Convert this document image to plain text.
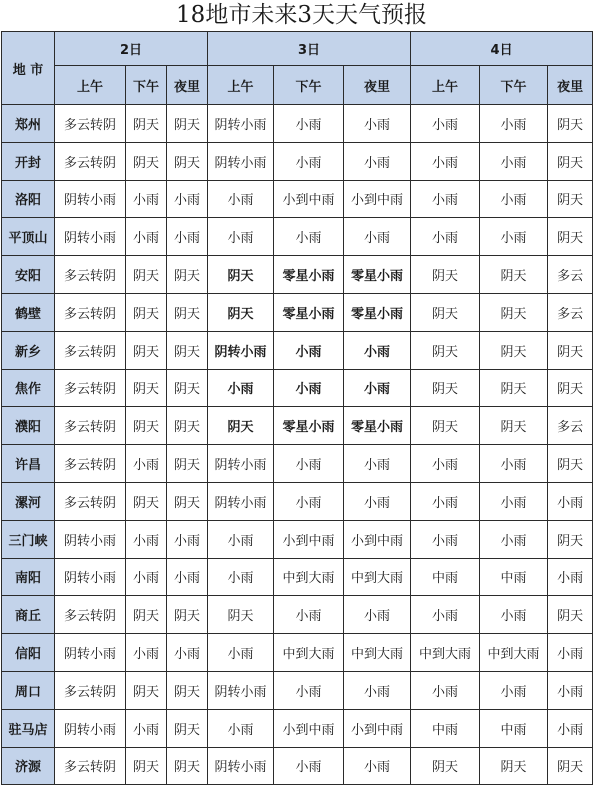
18地市未来3天天气预报
地 市	2日			3日			4日		
	上午	下午	夜里	上午	下午	夜里	上午	下午	夜里
郑州	多云转阴	阴天	阴天	阴转小雨	小雨	小雨	小雨	小雨	阴天
开封	多云转阴	阴天	阴天	阴转小雨	小雨	小雨	小雨	小雨	阴天
洛阳	阴转小雨	小雨	小雨	小雨	小到中雨	小到中雨	小雨	小雨	阴天
平顶山	阴转小雨	小雨	小雨	小雨	小雨	小雨	小雨	小雨	阴天
安阳	多云转阴	阴天	阴天	阴天	零星小雨	零星小雨	阴天	阴天	多云
鹤壁	多云转阴	阴天	阴天	阴天	零星小雨	零星小雨	阴天	阴天	多云
新乡	多云转阴	阴天	阴天	阴转小雨	小雨	小雨	阴天	阴天	阴天
焦作	多云转阴	阴天	阴天	小雨	小雨	小雨	阴天	阴天	阴天
濮阳	多云转阴	阴天	阴天	阴天	零星小雨	零星小雨	阴天	阴天	多云
许昌	多云转阴	小雨	阴天	阴转小雨	小雨	小雨	小雨	小雨	阴天
漯河	多云转阴	阴天	阴天	阴转小雨	小雨	小雨	小雨	小雨	小雨
三门峡	阴转小雨	小雨	小雨	小雨	小到中雨	小到中雨	小雨	小雨	阴天
南阳	阴转小雨	小雨	小雨	小雨	中到大雨	中到大雨	中雨	中雨	小雨
商丘	多云转阴	阴天	阴天	阴天	小雨	小雨	小雨	小雨	阴天
信阳	阴转小雨	小雨	小雨	小雨	中到大雨	中到大雨	中到大雨	中到大雨	小雨
周口	多云转阴	阴天	阴天	阴转小雨	小雨	小雨	小雨	小雨	小雨
驻马店	阴转小雨	小雨	阴天	小雨	小到中雨	小到中雨	中雨	中雨	小雨
济源	多云转阴	阴天	阴天	阴转小雨	小雨	小雨	阴天	阴天	阴天
